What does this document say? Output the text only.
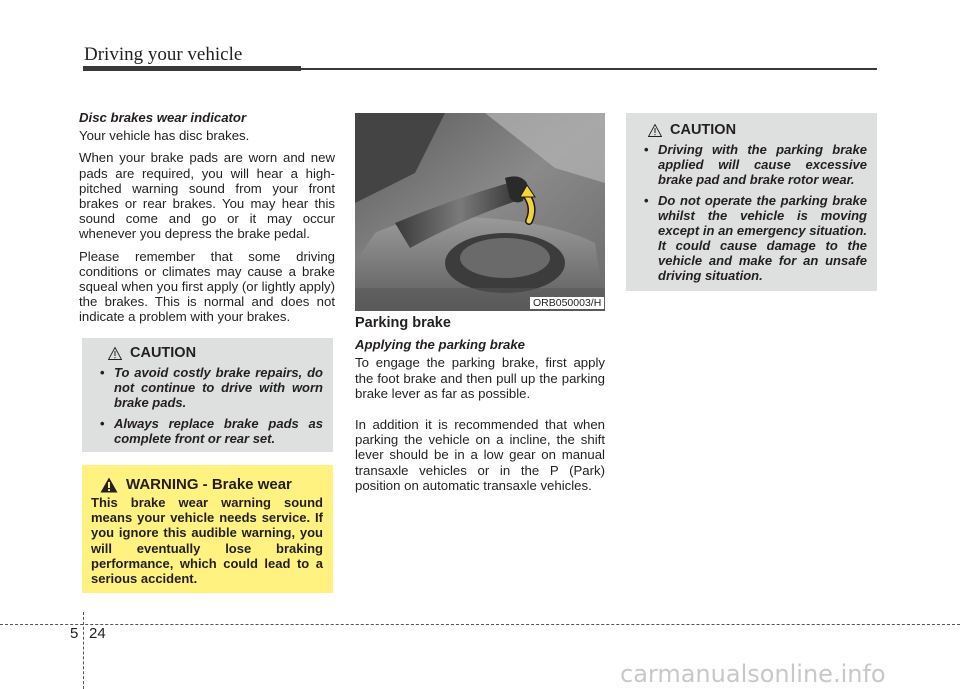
Driving your vehicle
Disc brakes wear indicator

Your vehicle has disc brakes.

When your brake pads are worn and new pads are required, you will hear a high-pitched warning sound from your front brakes or rear brakes. You may hear this sound come and go or it may occur whenever you depress the brake pedal.

Please remember that some driving conditions or climates may cause a brake squeal when you first apply (or lightly apply) the brakes. This is normal and does not indicate a problem with your brakes.

CAUTION
• To avoid costly brake repairs, do not continue to drive with worn brake pads.
• Always replace brake pads as complete front or rear set.
WARNING - Brake wear
This brake wear warning sound means your vehicle needs service. If you ignore this audible warning, you will eventually lose braking performance, which could lead to a serious accident.
ORB050003/H
Parking brake
Applying the parking brake

To engage the parking brake, first apply the foot brake and then pull up the parking brake lever as far as possible.

In addition it is recommended that when parking the vehicle on a incline, the shift lever should be in a low gear on manual transaxle vehicles or in the P (Park) position on automatic transaxle vehicles.

CAUTION
• Driving with the parking brake applied will cause excessive brake pad and brake rotor wear.
• Do not operate the parking brake whilst the vehicle is moving except in an emergency situation. It could cause damage to the vehicle and make for an unsafe driving situation.
5 24
carmanualsonline.info
